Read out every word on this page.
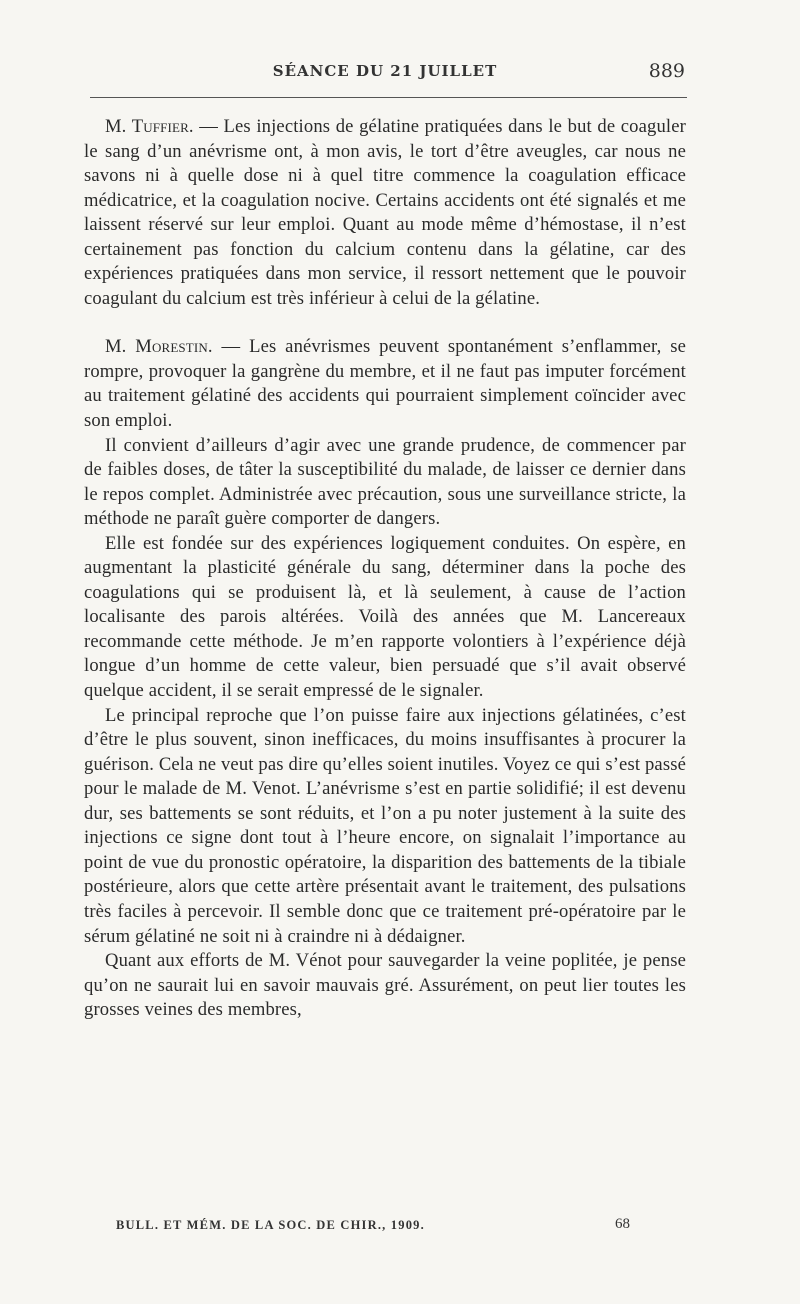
SÉANCE DU 21 JUILLET	889

M. Tuffier. — Les injections de gélatine pratiquées dans le but de coaguler le sang d’un anévrisme ont, à mon avis, le tort d’être aveugles, car nous ne savons ni à quelle dose ni à quel titre commence la coagulation efficace médicatrice, et la coagulation nocive. Certains accidents ont été signalés et me laissent réservé sur leur emploi. Quant au mode même d’hémostase, il n’est certainement pas fonction du calcium contenu dans la gélatine, car des expériences pratiquées dans mon service, il ressort nettement que le pouvoir coagulant du calcium est très inférieur à celui de la gélatine.

M. Morestin. — Les anévrismes peuvent spontanément s’enflammer, se rompre, provoquer la gangrène du membre, et il ne faut pas imputer forcément au traitement gélatiné des accidents qui pourraient simplement coïncider avec son emploi.

Il convient d’ailleurs d’agir avec une grande prudence, de commencer par de faibles doses, de tâter la susceptibilité du malade, de laisser ce dernier dans le repos complet. Administrée avec précaution, sous une surveillance stricte, la méthode ne paraît guère comporter de dangers.

Elle est fondée sur des expériences logiquement conduites. On espère, en augmentant la plasticité générale du sang, déterminer dans la poche des coagulations qui se produisent là, et là seulement, à cause de l’action localisante des parois altérées. Voilà des années que M. Lancereaux recommande cette méthode. Je m’en rapporte volontiers à l’expérience déjà longue d’un homme de cette valeur, bien persuadé que s’il avait observé quelque accident, il se serait empressé de le signaler.

Le principal reproche que l’on puisse faire aux injections gélatinées, c’est d’être le plus souvent, sinon inefficaces, du moins insuffisantes à procurer la guérison. Cela ne veut pas dire qu’elles soient inutiles. Voyez ce qui s’est passé pour le malade de M. Venot. L’anévrisme s’est en partie solidifié; il est devenu dur, ses battements se sont réduits, et l’on a pu noter justement à la suite des injections ce signe dont tout à l’heure encore, on signalait l’importance au point de vue du pronostic opératoire, la disparition des battements de la tibiale postérieure, alors que cette artère présentait avant le traitement, des pulsations très faciles à percevoir. Il semble donc que ce traitement pré-opératoire par le sérum gélatiné ne soit ni à craindre ni à dédaigner.

Quant aux efforts de M. Vénot pour sauvegarder la veine poplitée, je pense qu’on ne saurait lui en savoir mauvais gré. Assurément, on peut lier toutes les grosses veines des membres,

BULL. ET MÉM. DE LA SOC. DE CHIR., 1909.	68
